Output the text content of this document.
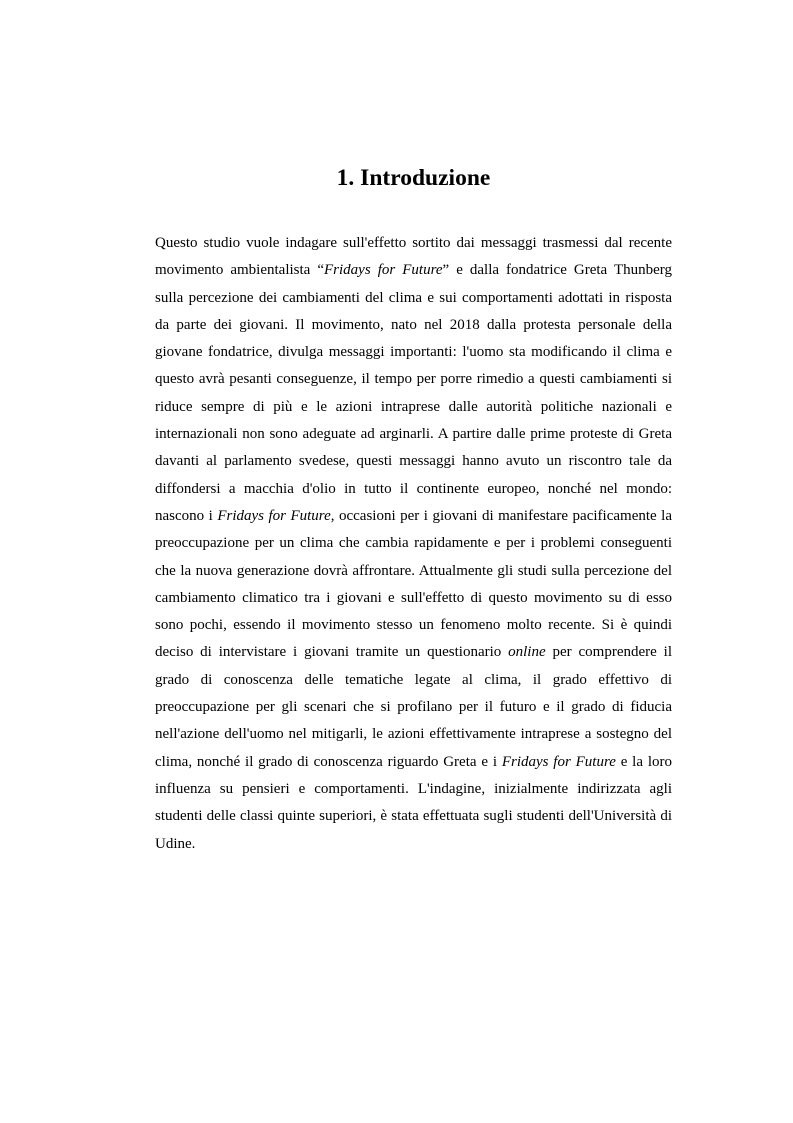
1. Introduzione

Questo studio vuole indagare sull'effetto sortito dai messaggi trasmessi dal recente movimento ambientalista “Fridays for Future” e dalla fondatrice Greta Thunberg sulla percezione dei cambiamenti del clima e sui comportamenti adottati in risposta da parte dei giovani. Il movimento, nato nel 2018 dalla protesta personale della giovane fondatrice, divulga messaggi importanti: l'uomo sta modificando il clima e questo avrà pesanti conseguenze, il tempo per porre rimedio a questi cambiamenti si riduce sempre di più e le azioni intraprese dalle autorità politiche nazionali e internazionali non sono adeguate ad arginarli. A partire dalle prime proteste di Greta davanti al parlamento svedese, questi messaggi hanno avuto un riscontro tale da diffondersi a macchia d'olio in tutto il continente europeo, nonché nel mondo: nascono i Fridays for Future, occasioni per i giovani di manifestare pacificamente la preoccupazione per un clima che cambia rapidamente e per i problemi conseguenti che la nuova generazione dovrà affrontare. Attualmente gli studi sulla percezione del cambiamento climatico tra i giovani e sull'effetto di questo movimento su di esso sono pochi, essendo il movimento stesso un fenomeno molto recente. Si è quindi deciso di intervistare i giovani tramite un questionario online per comprendere il grado di conoscenza delle tematiche legate al clima, il grado effettivo di preoccupazione per gli scenari che si profilano per il futuro e il grado di fiducia nell'azione dell'uomo nel mitigarli, le azioni effettivamente intraprese a sostegno del clima, nonché il grado di conoscenza riguardo Greta e i Fridays for Future e la loro influenza su pensieri e comportamenti. L'indagine, inizialmente indirizzata agli studenti delle classi quinte superiori, è stata effettuata sugli studenti dell'Università di Udine.
